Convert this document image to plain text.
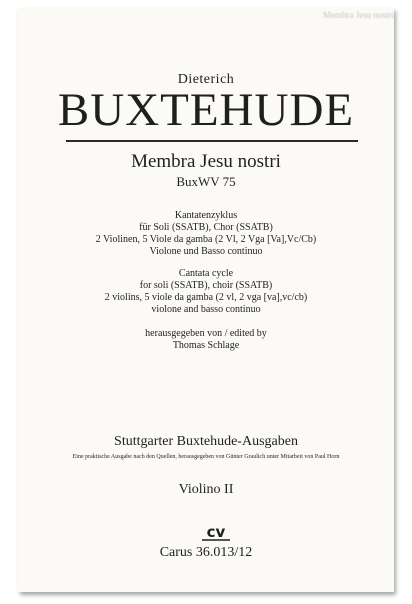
Membra Jesu nostri
Dieterich
BUXTEHUDE
Membra Jesu nostri
BuxWV 75
Kantatenzyklus
für Soli (SSATB), Chor (SSATB)
2 Violinen, 5 Viole da gamba (2 Vl, 2 Vga [Va],Vc/Cb)
Violone und Basso continuo
Cantata cycle
for soli (SSATB), choir (SSATB)
2 violins, 5 viole da gamba (2 vl, 2 vga [va],vc/cb)
violone and basso continuo
herausgegeben von / edited by
Thomas Schlage
Stuttgarter Buxtehude-Ausgaben
Eine praktische Ausgabe nach den Quellen, herausgegeben von Günter Graulich unter Mitarbeit von Paul Horn
Violino II
cv
Carus 36.013/12
